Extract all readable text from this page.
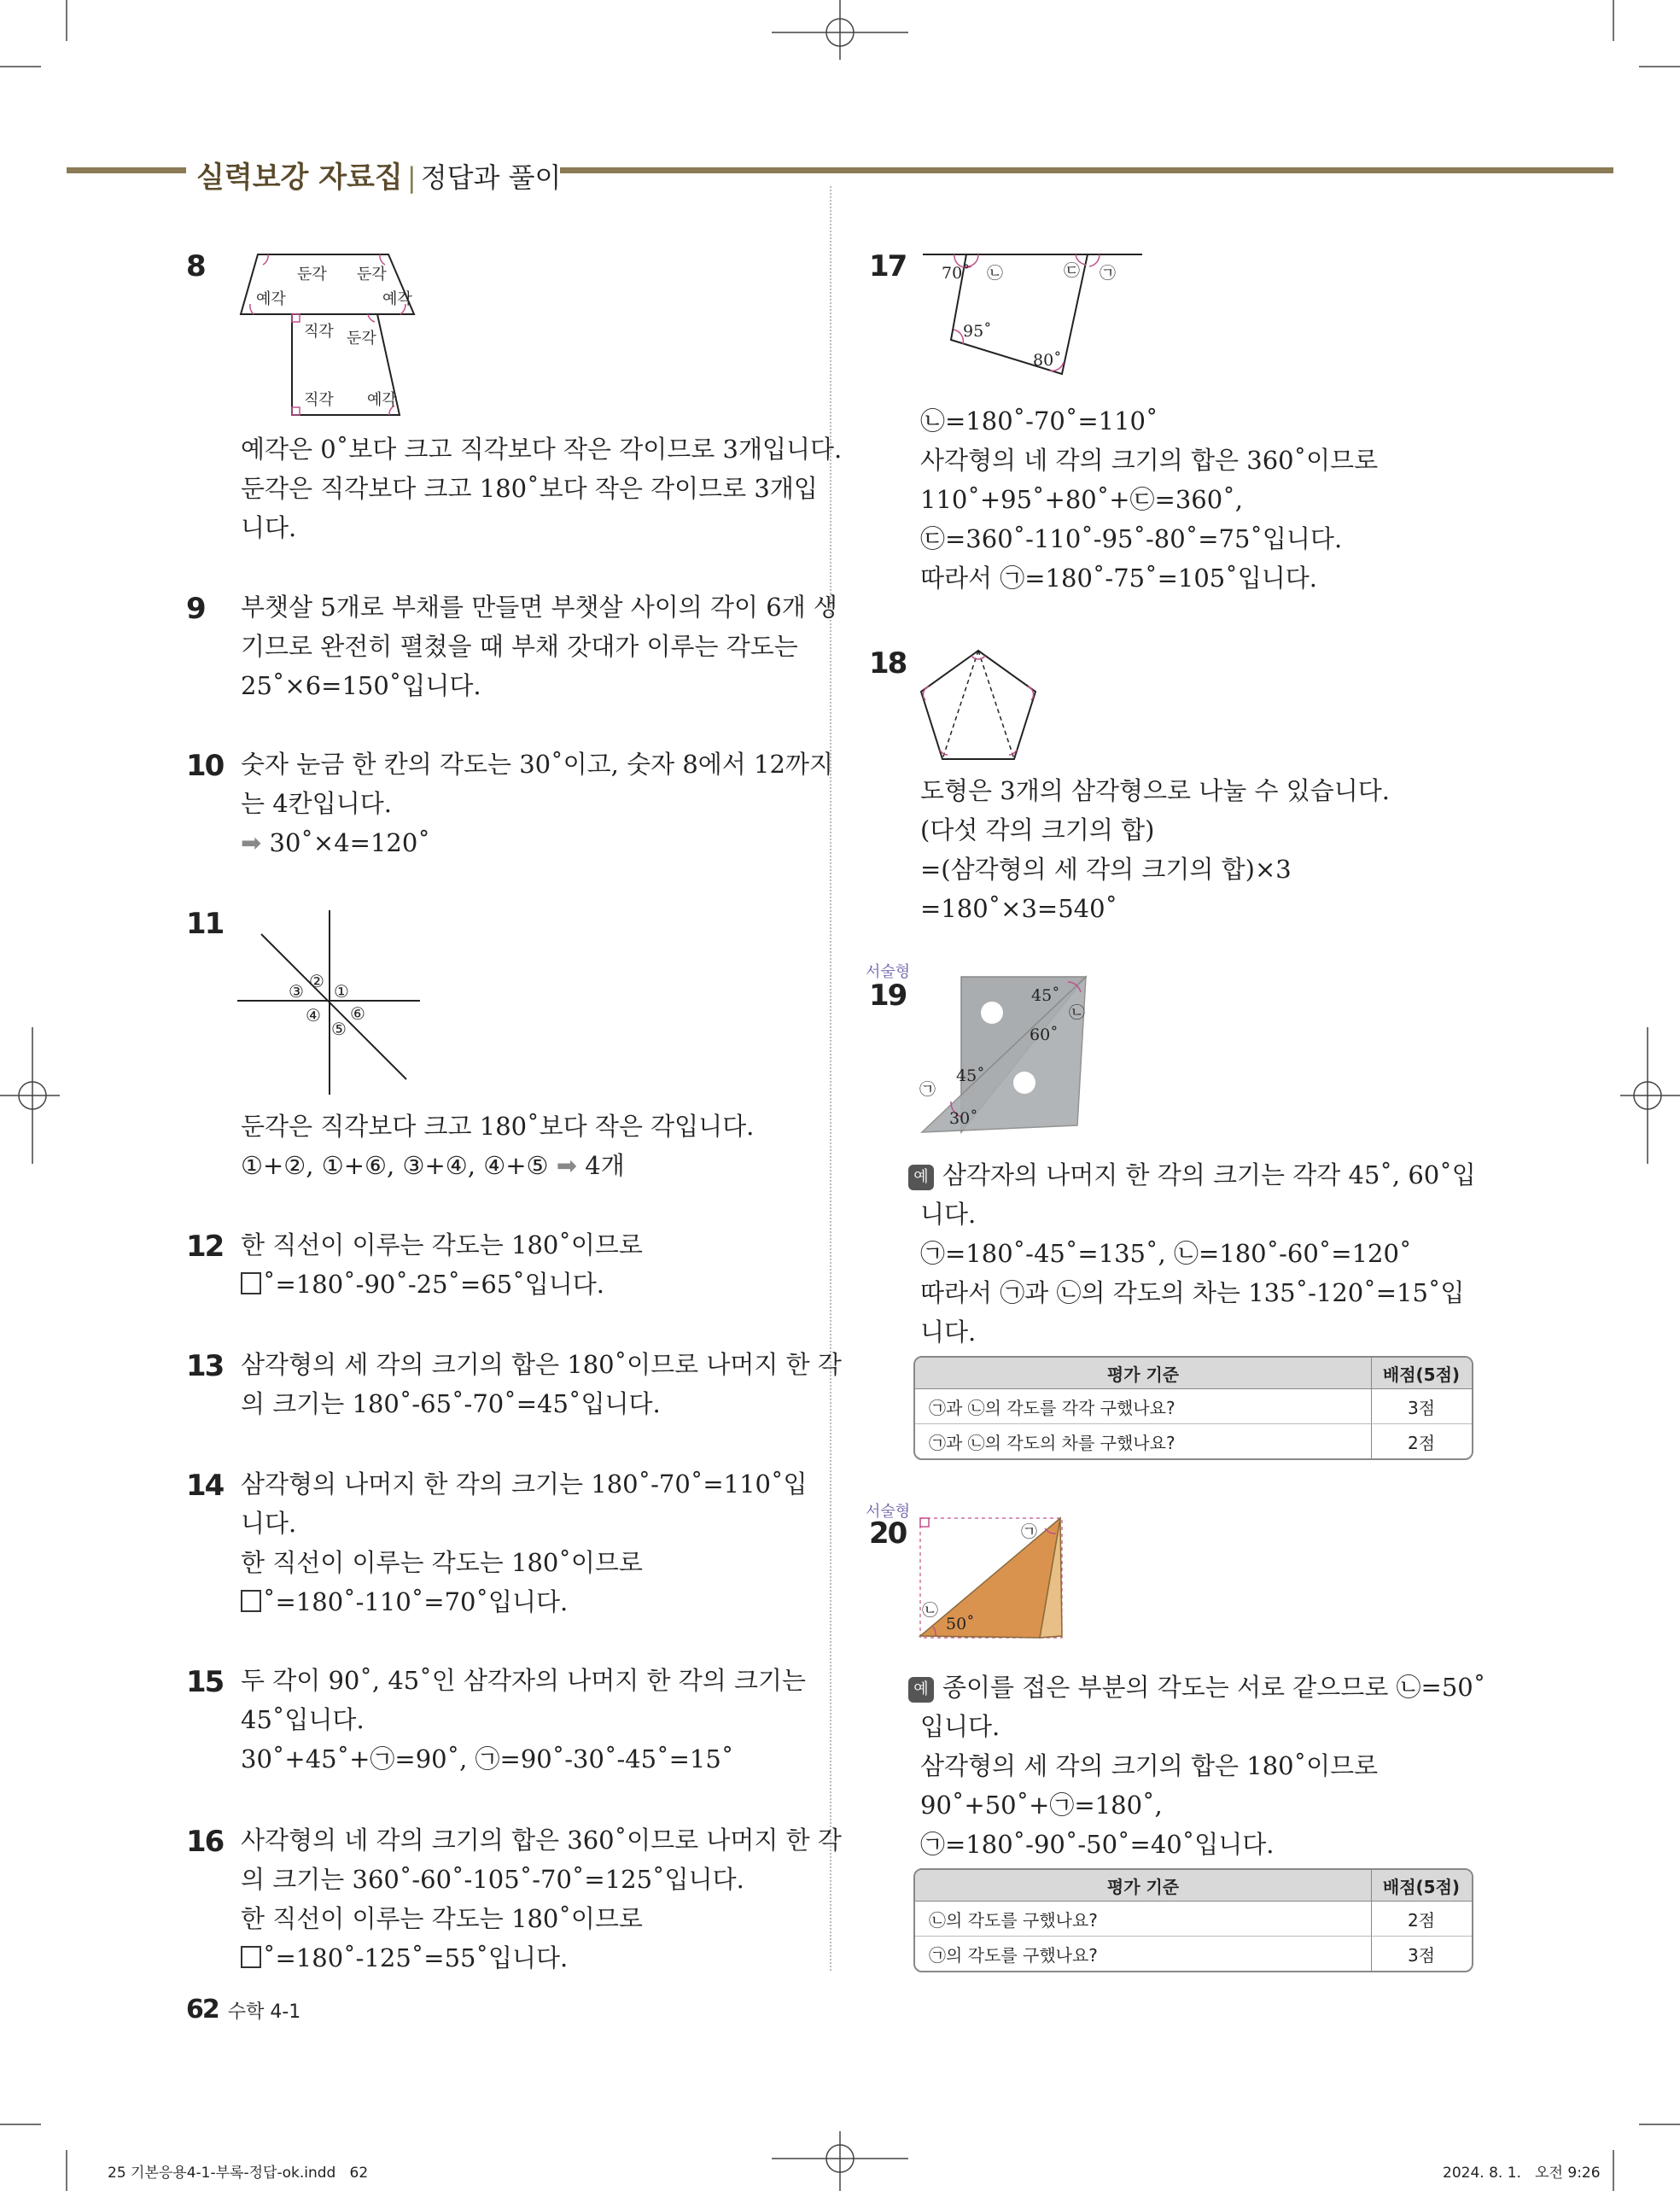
실력보강 자료집 | 정답과 풀이
8	둔각 둔각
예각	예각
직각 둔각
직각 예각
예각은 0˚보다 크고 직각보다 작은 각이므로 3개입니다.
둔각은 직각보다 크고 180˚보다 작은 각이므로 3개입
니다.
9 부챗살 5개로 부채를 만들면 부챗살 사이의 각이 6개 생
기므로 완전히 펼쳤을 때 부채 갓대가 이루는 각도는
25˚×6=150˚입니다.
10 숫자 눈금 한 칸의 각도는 30˚이고, 숫자 8에서 12까지
는 4칸입니다.
➡ 30˚×4=120˚
11
②
③ ①
④ ⑥
⑤
둔각은 직각보다 크고 180˚보다 작은 각입니다.
①+②, ①+⑥, ③+④, ④+⑤ ➡ 4개
12 한 직선이 이루는 각도는 180˚이므로
˚=180˚-90˚-25˚=65˚입니다.
13 삼각형의 세 각의 크기의 합은 180˚이므로 나머지 한 각
의 크기는 180˚-65˚-70˚=45˚입니다.
14 삼각형의 나머지 한 각의 크기는 180˚-70˚=110˚입
니다.
한 직선이 이루는 각도는 180˚이므로
˚=180˚-110˚=70˚입니다.
15 두 각이 90˚, 45˚인 삼각자의 나머지 한 각의 크기는
45˚입니다.
30˚+45˚+㉠=90˚, ㉠=90˚-30˚-45˚=15˚
16 사각형의 네 각의 크기의 합은 360˚이므로 나머지 한 각
의 크기는 360˚-60˚-105˚-70˚=125˚입니다.
한 직선이 이루는 각도는 180˚이므로
˚=180˚-125˚=55˚입니다.
17 70˚ ㉡	㉢ ㉠
95˚
80˚
㉡=180˚-70˚=110˚
사각형의 네 각의 크기의 합은 360˚이므로
110˚+95˚+80˚+㉢=360˚,
㉢=360˚-110˚-95˚-80˚=75˚입니다.
따라서 ㉠=180˚-75˚=105˚입니다.
18
도형은 3개의 삼각형으로 나눌 수 있습니다.
(다섯 각의 크기의 합)
=(삼각형의 세 각의 크기의 합)×3
=180˚×3=540˚
서술형
19	45˚
60˚
㉡
㉠
45˚
30˚
예 삼각자의 나머지 한 각의 크기는 각각 45˚, 60˚입
니다.
㉠=180˚-45˚=135˚, ㉡=180˚-60˚=120˚
따라서 ㉠과 ㉡의 각도의 차는 135˚-120˚=15˚입
니다.
평가 기준	배점(5점)
㉠과 ㉡의 각도를 각각 구했나요?	3점
㉠과 ㉡의 각도의 차를 구했나요?	2점
서술형
20	㉠
㉡
50˚
예 종이를 접은 부분의 각도는 서로 같으므로 ㉡=50˚
입니다.
삼각형의 세 각의 크기의 합은 180˚이므로
90˚+50˚+㉠=180˚,
㉠=180˚-90˚-50˚=40˚입니다.
평가 기준	배점(5점)
㉡의 각도를 구했나요?	2점
㉠의 각도를 구했나요?	3점
62 수학 4-1
25 기본응용4-1-부록-정답-ok.indd   62	2024. 8. 1.   오전 9:26
